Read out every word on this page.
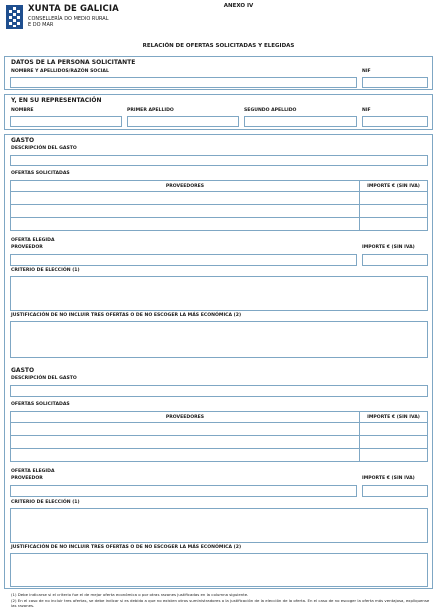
XUNTA DE GALICIA
CONSELLERÍA DO MEDIO RURAL
E DO MAR
ANEXO IV
RELACIÓN DE OFERTAS SOLICITADAS Y ELEGIDAS
DATOS DE LA PERSONA SOLICITANTE
NOMBRE Y APELLIDOS/RAZÓN SOCIAL	NIF
Y, EN SU REPRESENTACIÓN
NOMBRE	PRIMER APELLIDO	SEGUNDO APELLIDO	NIF
GASTO
DESCRIPCIÓN DEL GASTO
OFERTAS SOLICITADAS
PROVEEDORES	IMPORTE € (SIN IVA)

OFERTA ELEGIDA
PROVEEDOR	IMPORTE € (SIN IVA)
CRITERIO DE ELECCIÓN (1)
JUSTIFICACIÓN DE NO INCLUIR TRES OFERTAS O DE NO ESCOGER LA MÁS ECONÓMICA (2)
GASTO
DESCRIPCIÓN DEL GASTO
OFERTAS SOLICITADAS
PROVEEDORES	IMPORTE € (SIN IVA)

OFERTA ELEGIDA
PROVEEDOR	IMPORTE € (SIN IVA)
CRITERIO DE ELECCIÓN (1)
JUSTIFICACIÓN DE NO INCLUIR TRES OFERTAS O DE NO ESCOGER LA MÁS ECONÓMICA (2)
(1) Debe indicarse si el criterio fue el de mejor oferta económica o por otras razones justificadas en la columna siguiente.
(2) En el caso de no incluir tres ofertas, se debe indicar si es debido a que no existen otros suministradores o la justificación de la elección de la oferta. En el caso de no escoger la oferta más ventajosa, explíquense las razones.
